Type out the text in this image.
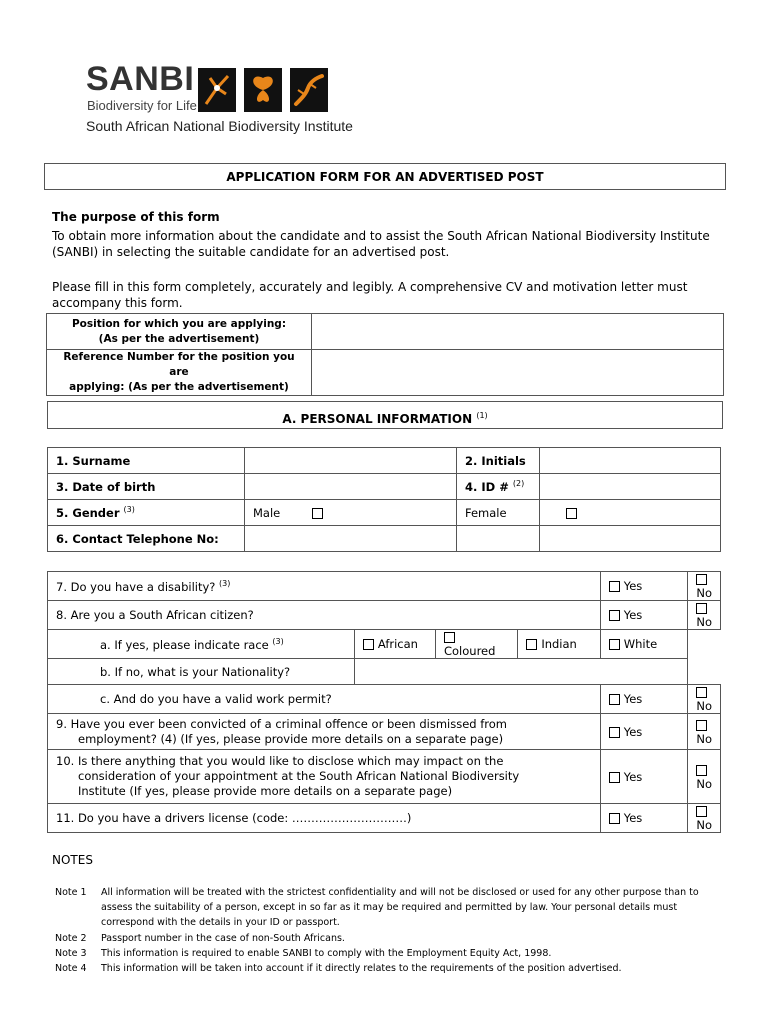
SANBI
Biodiversity for Life
South African National Biodiversity Institute
APPLICATION FORM FOR AN ADVERTISED POST
The purpose of this form
To obtain more information about the candidate and to assist the South African National Biodiversity Institute (SANBI) in selecting the suitable candidate for an advertised post.
Please fill in this form completely, accurately and legibly. A comprehensive CV and motivation letter must accompany this form.
Position for which you are applying:
(As per the advertisement)	

Reference Number for the position you are
applying: (As per the advertisement)	

A. PERSONAL INFORMATION $^{(1)}$
1. Surname		2. Initials	
3. Date of birth		4. ID # $^{(2)}$	
5. Gender $^{(3)}$	Male	Female	
6. Contact Telephone No:			
7. Do you have a disability? $^{(3)}$				Yes	No
8. Are you a South African citizen?				Yes	No
a. If yes, please indicate race $^{(3)}$	African	Coloured	Indian	White	
b. If no, what is your Nationality?					
c. And do you have a valid work permit?				Yes	No

9. Have you ever been convicted of a criminal offence or been dismissed from
employment? (4) (If yes, please provide more details on a separate page)				Yes	No

10. Is there anything that you would like to disclose which may impact on the
consideration of your appointment at the South African National Biodiversity
Institute (If yes, please provide more details on a separate page)				Yes	No
11. Do you have a drivers license (code: …………………………)				Yes	No
NOTES
Note 1 All information will be treated with the strictest confidentiality and will not be disclosed or used for any other purpose than to assess the suitability of a person, except in so far as it may be required and permitted by law. Your personal details must correspond with the details in your ID or passport.
Note 2 Passport number in the case of non-South Africans.
Note 3 This information is required to enable SANBI to comply with the Employment Equity Act, 1998.
Note 4 This information will be taken into account if it directly relates to the requirements of the position advertised.
